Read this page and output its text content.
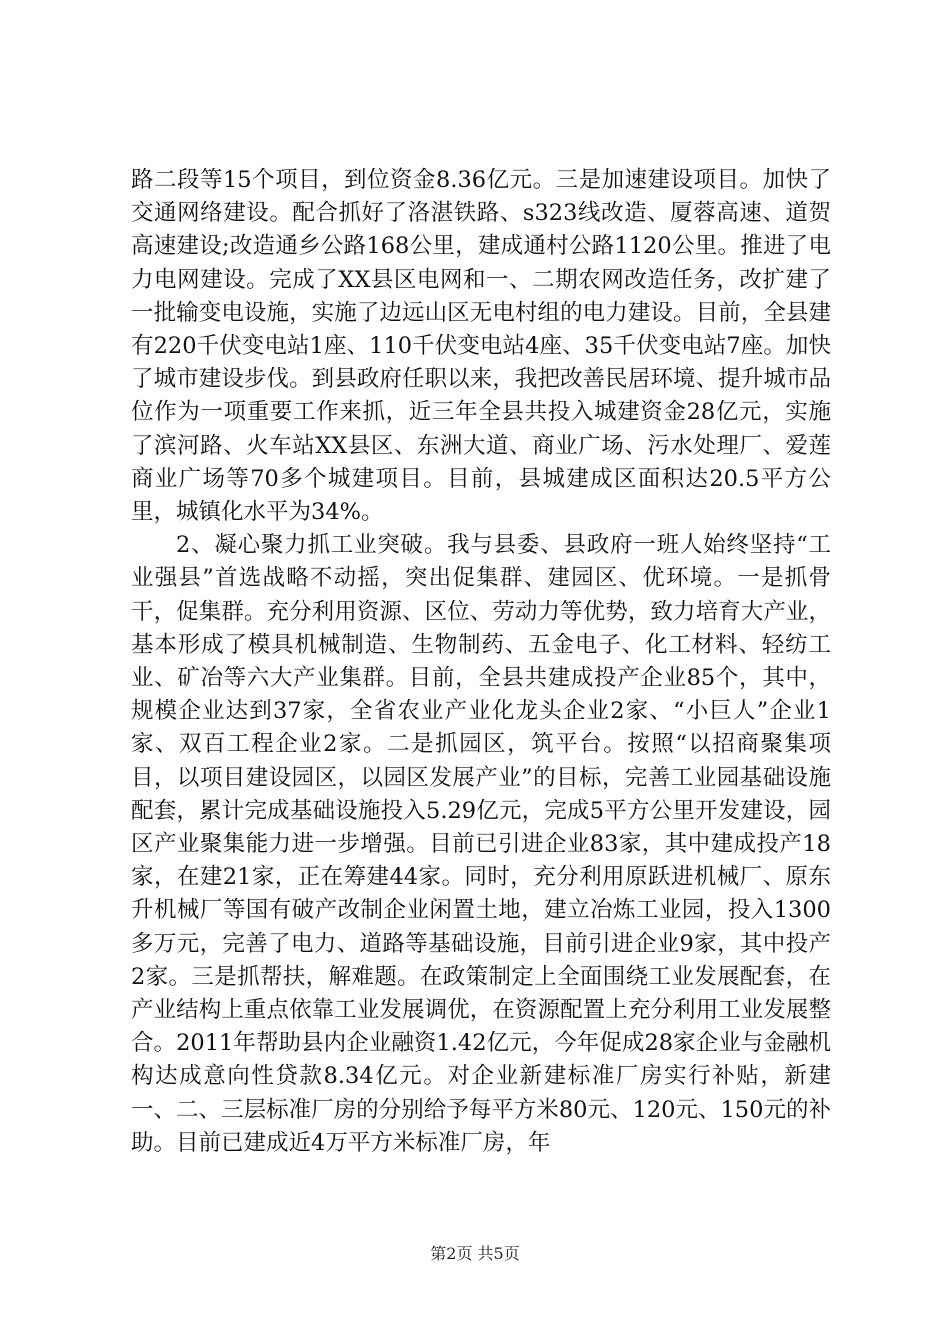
路二段等15个项目，到位资金8.36亿元。三是加速建设项目。加快了交通网络建设。配合抓好了洛湛铁路、s323线改造、厦蓉高速、道贺高速建设;改造通乡公路168公里，建成通村公路1120公里。推进了电力电网建设。完成了XX县区电网和一、二期农网改造任务，改扩建了一批输变电设施，实施了边远山区无电村组的电力建设。目前，全县建有220千伏变电站1座、110千伏变电站4座、35千伏变电站7座。加快了城市建设步伐。到县政府任职以来，我把改善民居环境、提升城市品位作为一项重要工作来抓，近三年全县共投入城建资金28亿元，实施了滨河路、火车站XX县区、东洲大道、商业广场、污水处理厂、爱莲商业广场等70多个城建项目。目前，县城建成区面积达20.5平方公里，城镇化水平为34%。

2、凝心聚力抓工业突破。我与县委、县政府一班人始终坚持“工业强县”首选战略不动摇，突出促集群、建园区、优环境。一是抓骨干，促集群。充分利用资源、区位、劳动力等优势，致力培育大产业，基本形成了模具机械制造、生物制药、五金电子、化工材料、轻纺工业、矿冶等六大产业集群。目前，全县共建成投产企业85个，其中，规模企业达到37家，全省农业产业化龙头企业2家、“小巨人”企业1家、双百工程企业2家。二是抓园区，筑平台。按照“以招商聚集项目，以项目建设园区，以园区发展产业”的目标，完善工业园基础设施配套，累计完成基础设施投入5.29亿元，完成5平方公里开发建设，园区产业聚集能力进一步增强。目前已引进企业83家，其中建成投产18家，在建21家，正在筹建44家。同时，充分利用原跃进机械厂、原东升机械厂等国有破产改制企业闲置土地，建立冶炼工业园，投入1300多万元，完善了电力、道路等基础设施，目前引进企业9家，其中投产2家。三是抓帮扶，解难题。在政策制定上全面围绕工业发展配套，在产业结构上重点依靠工业发展调优，在资源配置上充分利用工业发展整合。2011年帮助县内企业融资1.42亿元，今年促成28家企业与金融机构达成意向性贷款8.34亿元。对企业新建标准厂房实行补贴，新建一、二、三层标准厂房的分别给予每平方米80元、120元、150元的补助。目前已建成近4万平方米标准厂房，年

第2页 共5页
